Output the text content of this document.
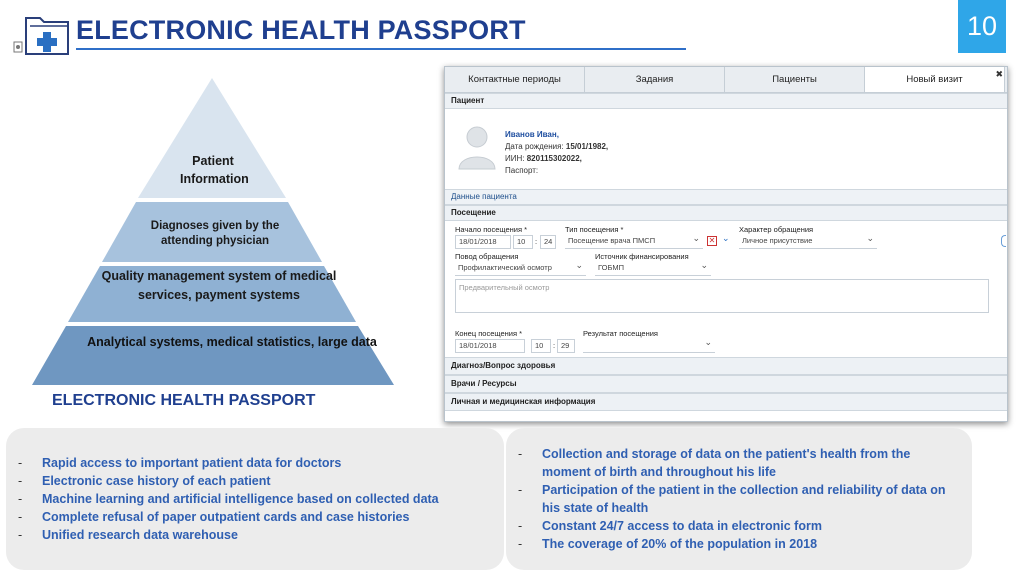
ELECTRONIC HEALTH PASSPORT	10
Patient Information
Diagnoses given by the attending physician
Quality management system of medical services, payment systems
Analytical systems, medical statistics, large data
ELECTRONIC HEALTH PASSPORT
Контактные периоды	Задания	Пациенты	Новый визит	✖
Пациент
Иванов Иван,
Дата рождения: 15/01/1982,
ИИН: 820115302022,
Паспорт:
Данные пациента
Посещение
Начало посещения *
18/01/2018	10	: 24
Тип посещения *
Посещение врача ПМСП ⌄	✕ ⌄
Характер обращения
Личное присутствие ⌄
Повод обращения
Профилактический осмотр ⌄
Источник финансирования
ГОБМП ⌄
Предварительный осмотр
Конец посещения *
18/01/2018	10	: 29
Результат посещения
⌄
Диагноз/Вопрос здоровья
Врачи / Ресурсы
Личная и медицинская информация
- Rapid access to important patient data for doctors
- Electronic case history of each patient
- Machine learning and artificial intelligence based on collected data
- Complete refusal of paper outpatient cards and case histories
- Unified research data warehouse
- Collection and storage of data on the patient's health from the moment of birth and throughout his life
- Participation of the patient in the collection and reliability of data on his state of health
- Constant 24/7 access to data in electronic form
- The coverage of 20% of the population in 2018
